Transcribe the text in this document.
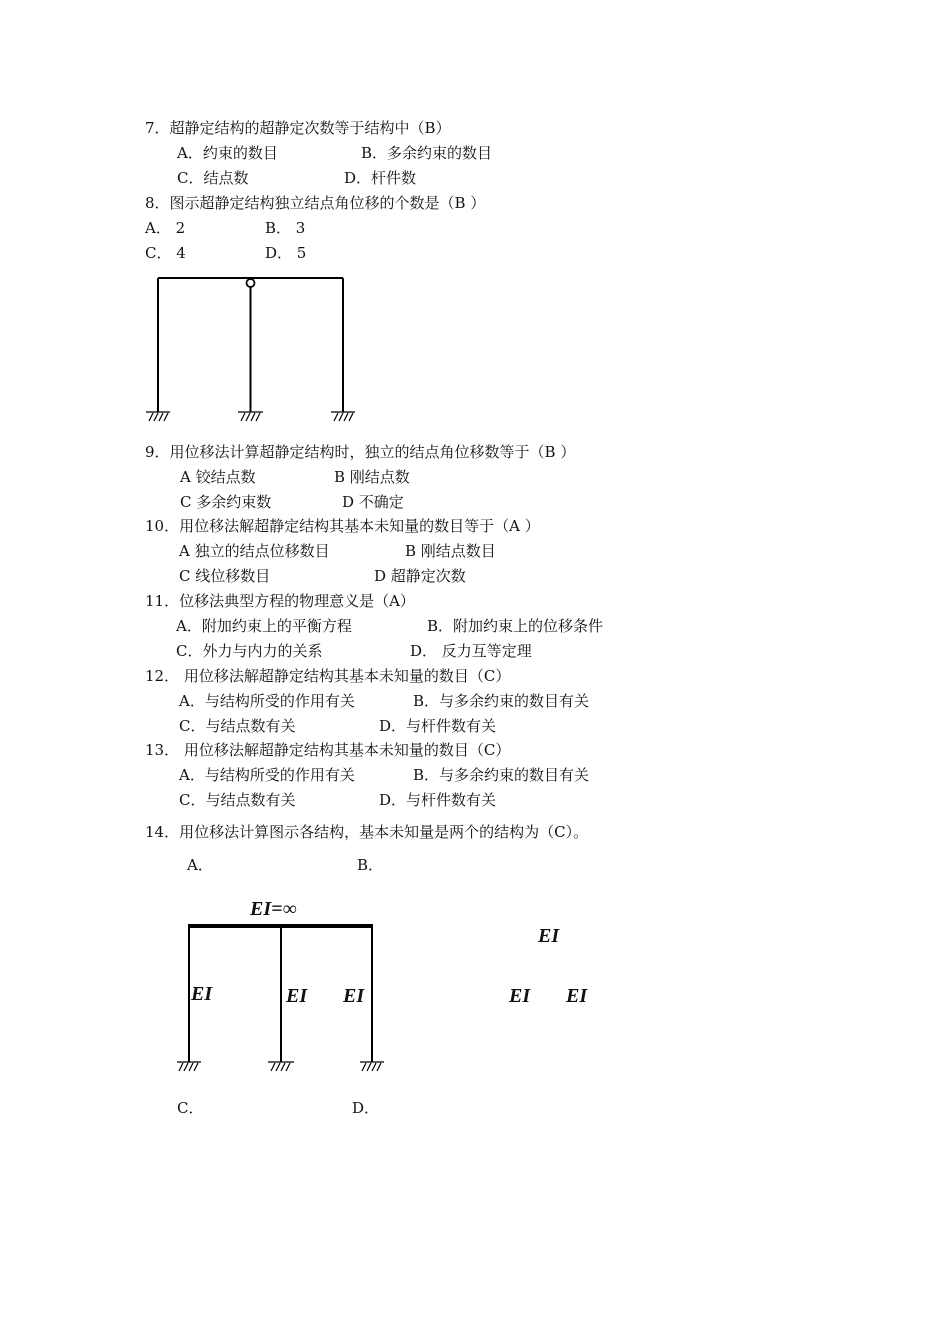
7．超静定结构的超静定次数等于结构中（B）
A．约束的数目	B．多余约束的数目
C．结点数	D．杆件数
8．图示超静定结构独立结点角位移的个数是（B ）
A． 2	B． 3
C． 4	D． 5
9．用位移法计算超静定结构时，独立的结点角位移数等于（B ）
A 铰结点数	B 刚结点数
C 多余约束数	D 不确定
10．用位移法解超静定结构其基本未知量的数目等于（A ）
A 独立的结点位移数目	B 刚结点数目
C 线位移数目	D 超静定次数
11．位移法典型方程的物理意义是（A）
A．附加约束上的平衡方程	B．附加约束上的位移条件
C．外力与内力的关系	D． 反力互等定理
12． 用位移法解超静定结构其基本未知量的数目（C）
A．与结构所受的作用有关	B．与多余约束的数目有关
C．与结点数有关	D．与杆件数有关
13． 用位移法解超静定结构其基本未知量的数目（C）
A．与结构所受的作用有关	B．与多余约束的数目有关
C．与结点数有关	D．与杆件数有关
14．用位移法计算图示各结构，基本未知量是两个的结构为（C）。
A．	B．
EI=∞
EI	EI EI
EI
EI EI
C．	D．
